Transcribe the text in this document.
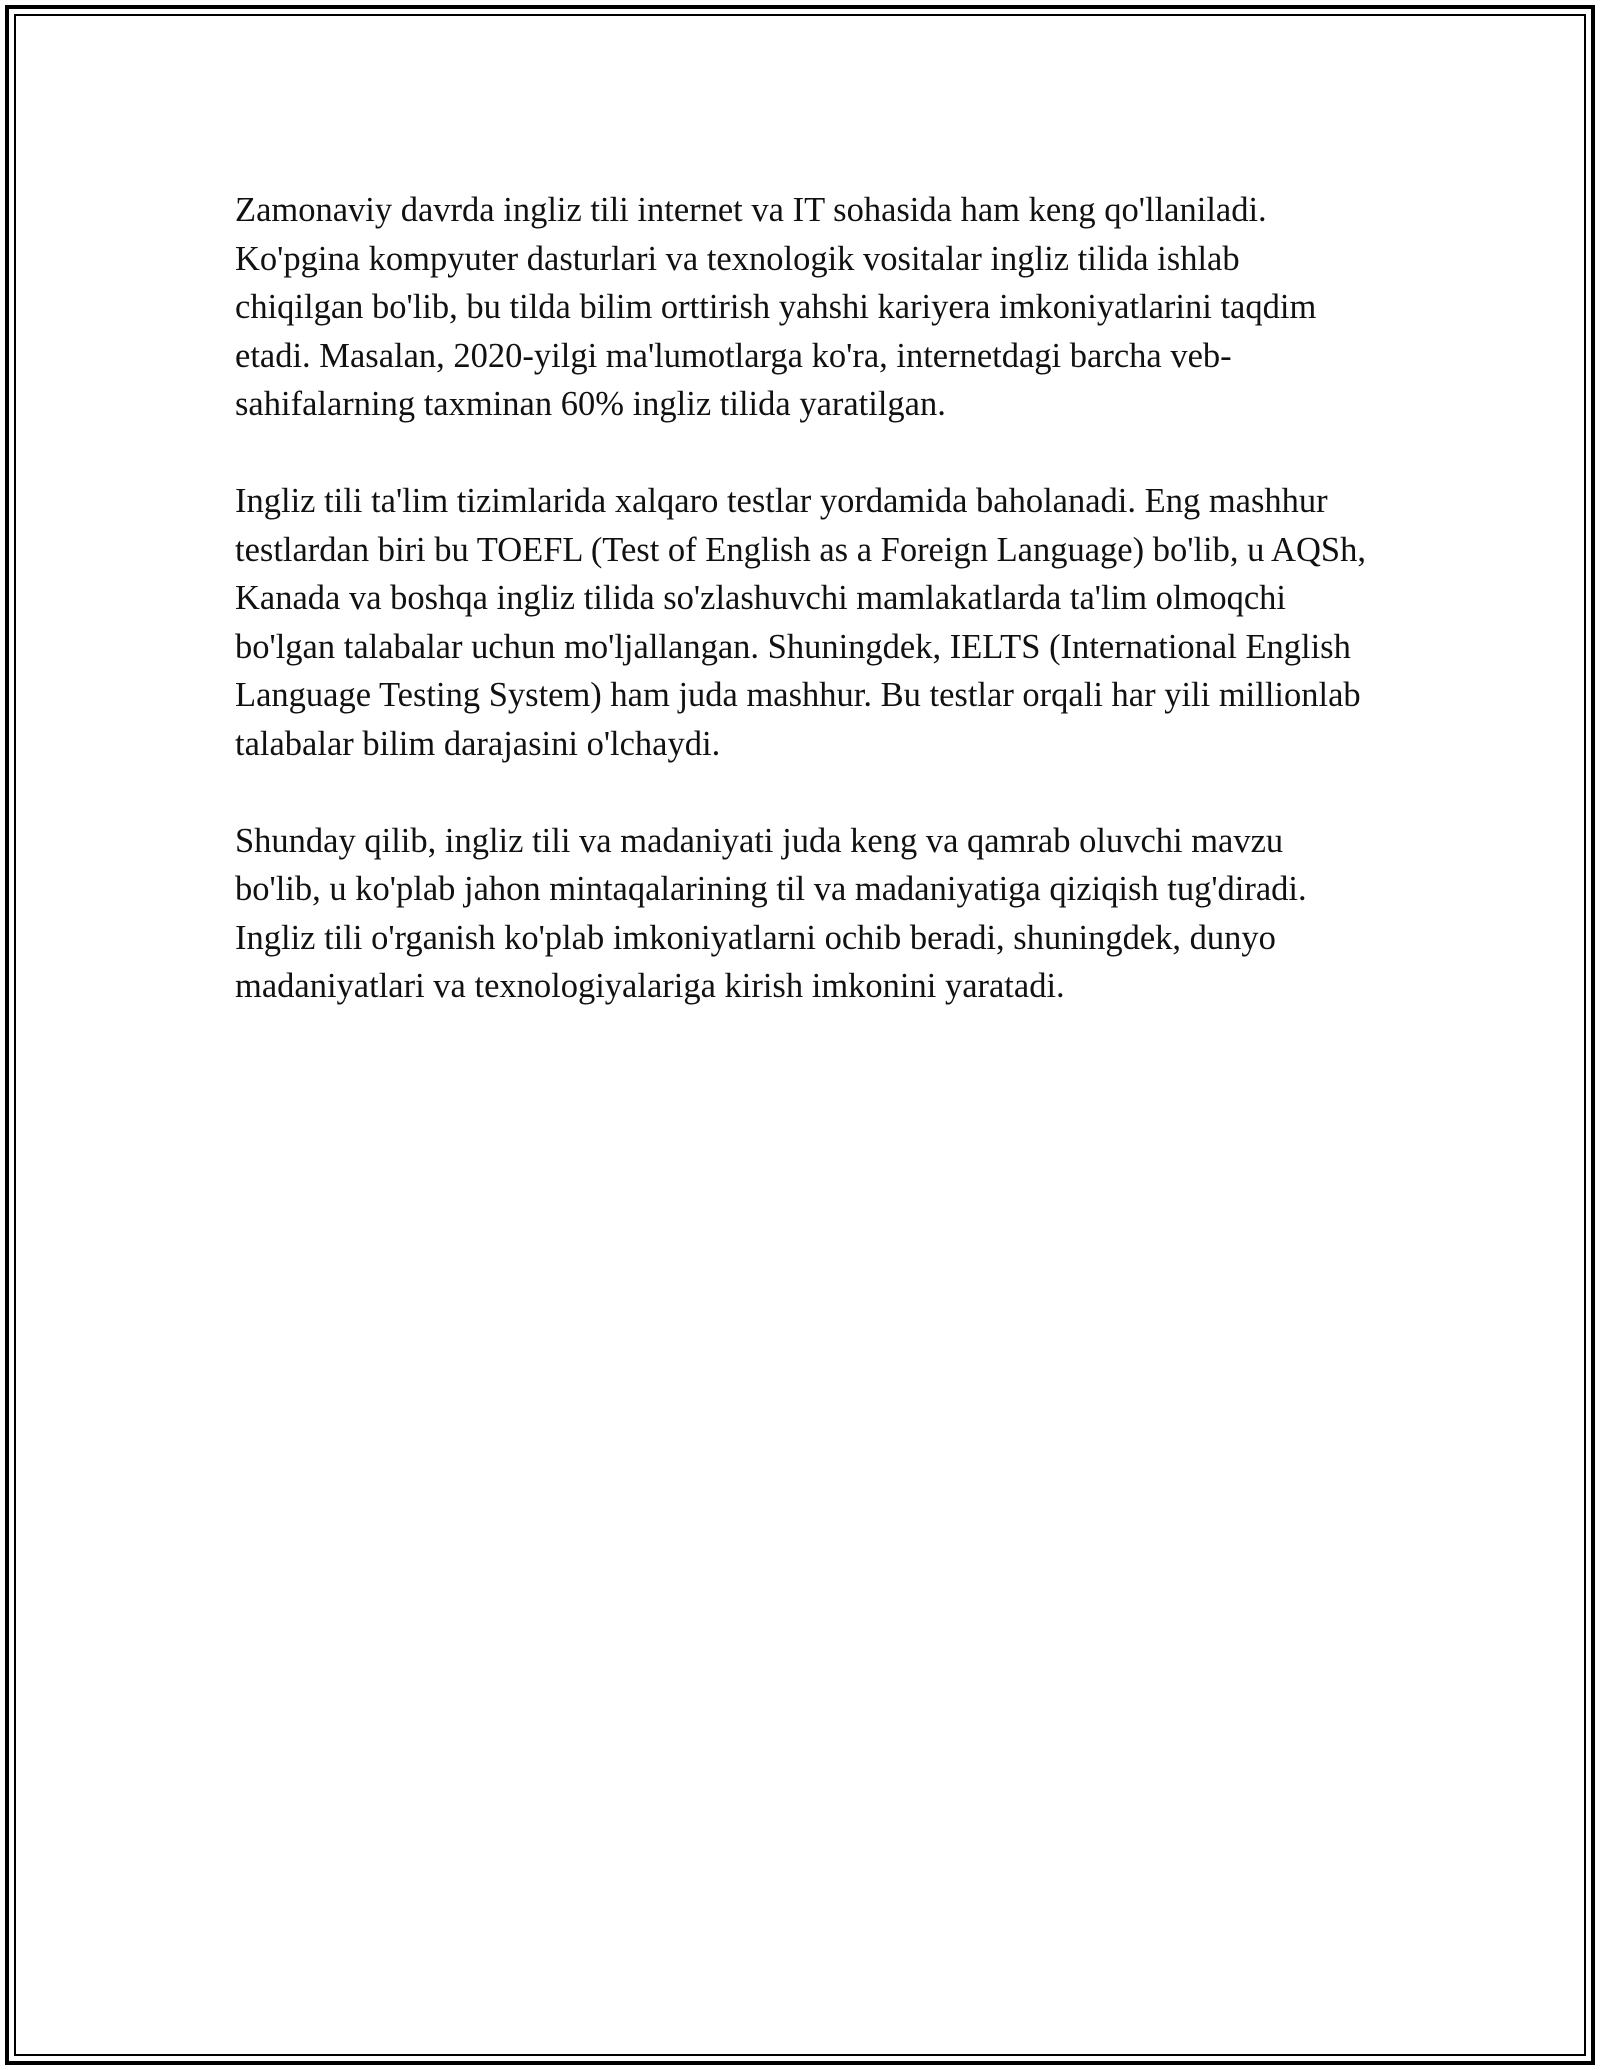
Zamonaviy davrda ingliz tili internet va IT sohasida ham keng qo'llaniladi. Ko'pgina kompyuter dasturlari va texnologik vositalar ingliz tilida ishlab chiqilgan bo'lib, bu tilda bilim orttirish yahshi kariyera imkoniyatlarini taqdim etadi. Masalan, 2020-yilgi ma'lumotlarga ko'ra, internetdagi barcha veb-sahifalarning taxminan 60% ingliz tilida yaratilgan.

Ingliz tili ta'lim tizimlarida xalqaro testlar yordamida baholanadi. Eng mashhur testlardan biri bu TOEFL (Test of English as a Foreign Language) bo'lib, u AQSh, Kanada va boshqa ingliz tilida so'zlashuvchi mamlakatlarda ta'lim olmoqchi bo'lgan talabalar uchun mo'ljallangan. Shuningdek, IELTS (International English Language Testing System) ham juda mashhur. Bu testlar orqali har yili millionlab talabalar bilim darajasini o'lchaydi.

Shunday qilib, ingliz tili va madaniyati juda keng va qamrab oluvchi mavzu bo'lib, u ko'plab jahon mintaqalarining til va madaniyatiga qiziqish tug'diradi. Ingliz tili o'rganish ko'plab imkoniyatlarni ochib beradi, shuningdek, dunyo madaniyatlari va texnologiyalariga kirish imkonini yaratadi.
